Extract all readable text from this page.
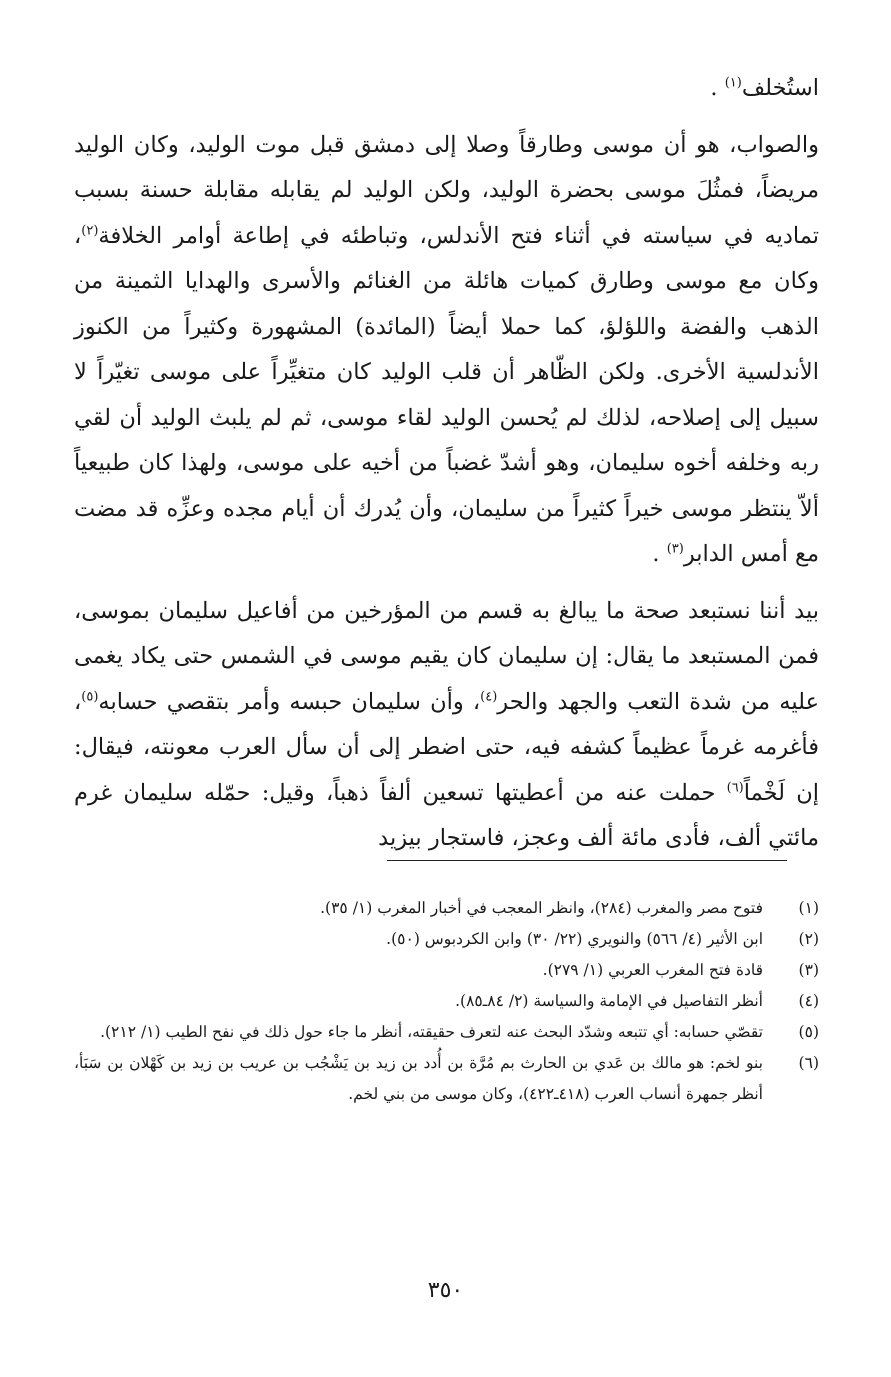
استُخلف$^{(١)}$ .

والصواب، هو أن موسى وطارقاً وصلا إلى دمشق قبل موت الوليد، وكان الوليد مريضاً، فمثُلَ موسى بحضرة الوليد، ولكن الوليد لم يقابله مقابلة حسنة بسبب تماديه في سياسته في أثناء فتح الأندلس، وتباطئه في إطاعة أوامر الخلافة$^{(٢)}$، وكان مع موسى وطارق كميات هائلة من الغنائم والأسرى والهدايا الثمينة من الذهب والفضة واللؤلؤ، كما حملا أيضاً (المائدة) المشهورة وكثيراً من الكنوز الأندلسية الأخرى. ولكن الظّاهر أن قلب الوليد كان متغيِّراً على موسى تغيّراً لا سبيل إلى إصلاحه، لذلك لم يُحسن الوليد لقاء موسى، ثم لم يلبث الوليد أن لقي ربه وخلفه أخوه سليمان، وهو أشدّ غضباً من أخيه على موسى، ولهذا كان طبيعياً ألاّ ينتظر موسى خيراً كثيراً من سليمان، وأن يُدرك أن أيام مجده وعزِّه قد مضت مع أمس الدابر$^{(٣)}$ .

بيد أننا نستبعد صحة ما يبالغ به قسم من المؤرخين من أفاعيل سليمان بموسى، فمن المستبعد ما يقال: إن سليمان كان يقيم موسى في الشمس حتى يكاد يغمى عليه من شدة التعب والجهد والحر$^{(٤)}$، وأن سليمان حبسه وأمر بتقصي حسابه$^{(٥)}$، فأغرمه غرماً عظيماً كشفه فيه، حتى اضطر إلى أن سأل العرب معونته، فيقال: إن لَخْماً$^{(٦)}$ حملت عنه من أعطيتها تسعين ألفاً ذهباً، وقيل: حمّله سليمان غرم مائتي ألف، فأدى مائة ألف وعجز، فاستجار بيزيد

(١)
فتوح مصر والمغرب (٢٨٤)، وانظر المعجب في أخبار المغرب (١/ ٣٥).
(٢)
ابن الأثير (٤/ ٥٦٦) والنويري (٢٢/ ٣٠) وابن الكردبوس (٥٠).
(٣)
قادة فتح المغرب العربي (١/ ٢٧٩).
(٤)
أنظر التفاصيل في الإمامة والسياسة (٢/ ٨٤ـ٨٥).
(٥)
تقصّي حسابه: أي تتبعه وشدّد البحث عنه لتعرف حقيقته، أنظر ما جاء حول ذلك في نفح الطيب (١/ ٢١٢).
(٦)
بنو لخم: هو مالك بن عَدي بن الحارث بم مُرَّة بن أُدد بن زيد بن يَشْجُب بن عريب بن زيد بن كَهْلان بن سَبَأ، أنظر جمهرة أنساب العرب (٤١٨ـ٤٢٢)، وكان موسى من بني لخم.
٣٥٠
